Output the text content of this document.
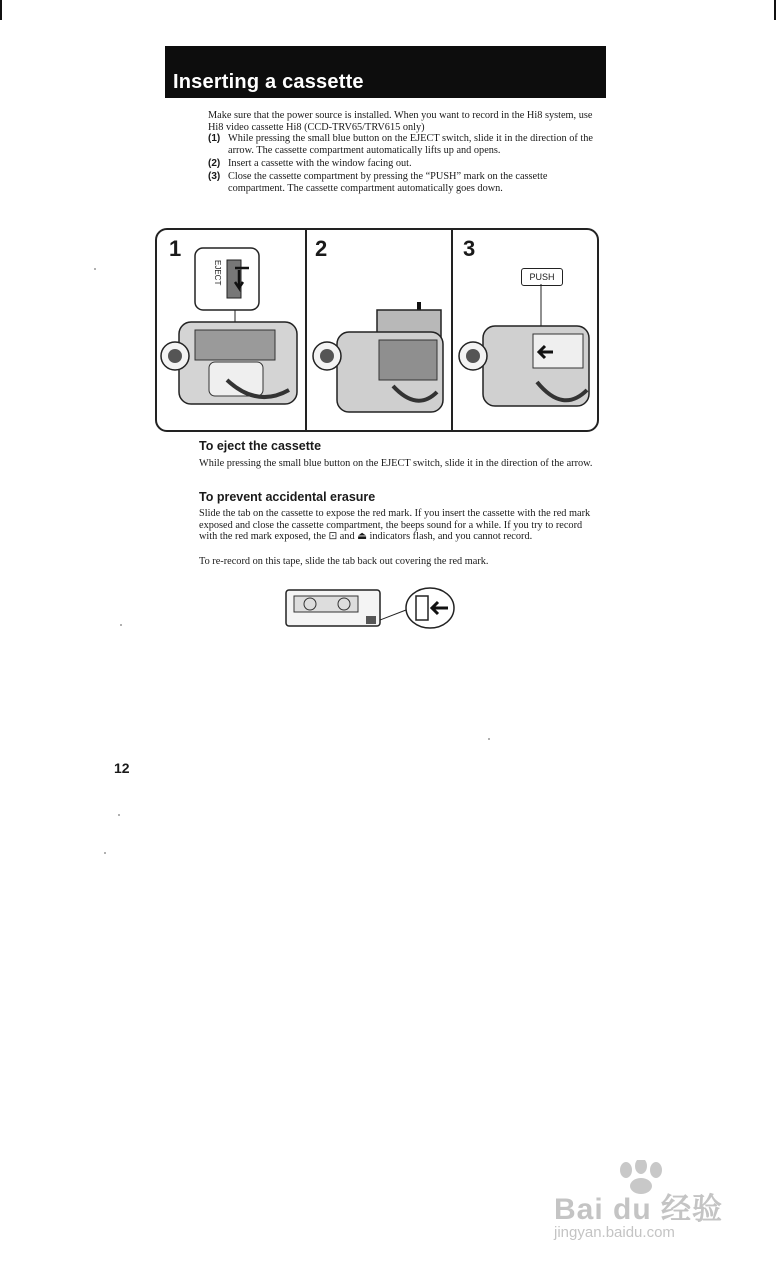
Inserting a cassette

Make sure that the power source is installed. When you want to record in the Hi8 system, use Hi8 video cassette Hi8 (CCD-TRV65/TRV615 only)

(1) While pressing the small blue button on the EJECT switch, slide it in the direction of the arrow. The cassette compartment automatically lifts up and opens.
(2) Insert a cassette with the window facing out.
(3) Close the cassette compartment by pressing the “PUSH” mark on the cassette compartment. The cassette compartment automatically goes down.
1
EJECT
2	3
PUSH
To eject the cassette

While pressing the small blue button on the EJECT switch, slide it in the direction of the arrow.

To prevent accidental erasure

Slide the tab on the cassette to expose the red mark. If you insert the cassette with the red mark exposed and close the cassette compartment, the beeps sound for a while. If you try to record with the red mark exposed, the ⊡ and ⏏ indicators flash, and you cannot record.

To re-record on this tape, slide the tab back out covering the red mark.

12
Bai du 经验
jingyan.baidu.com
